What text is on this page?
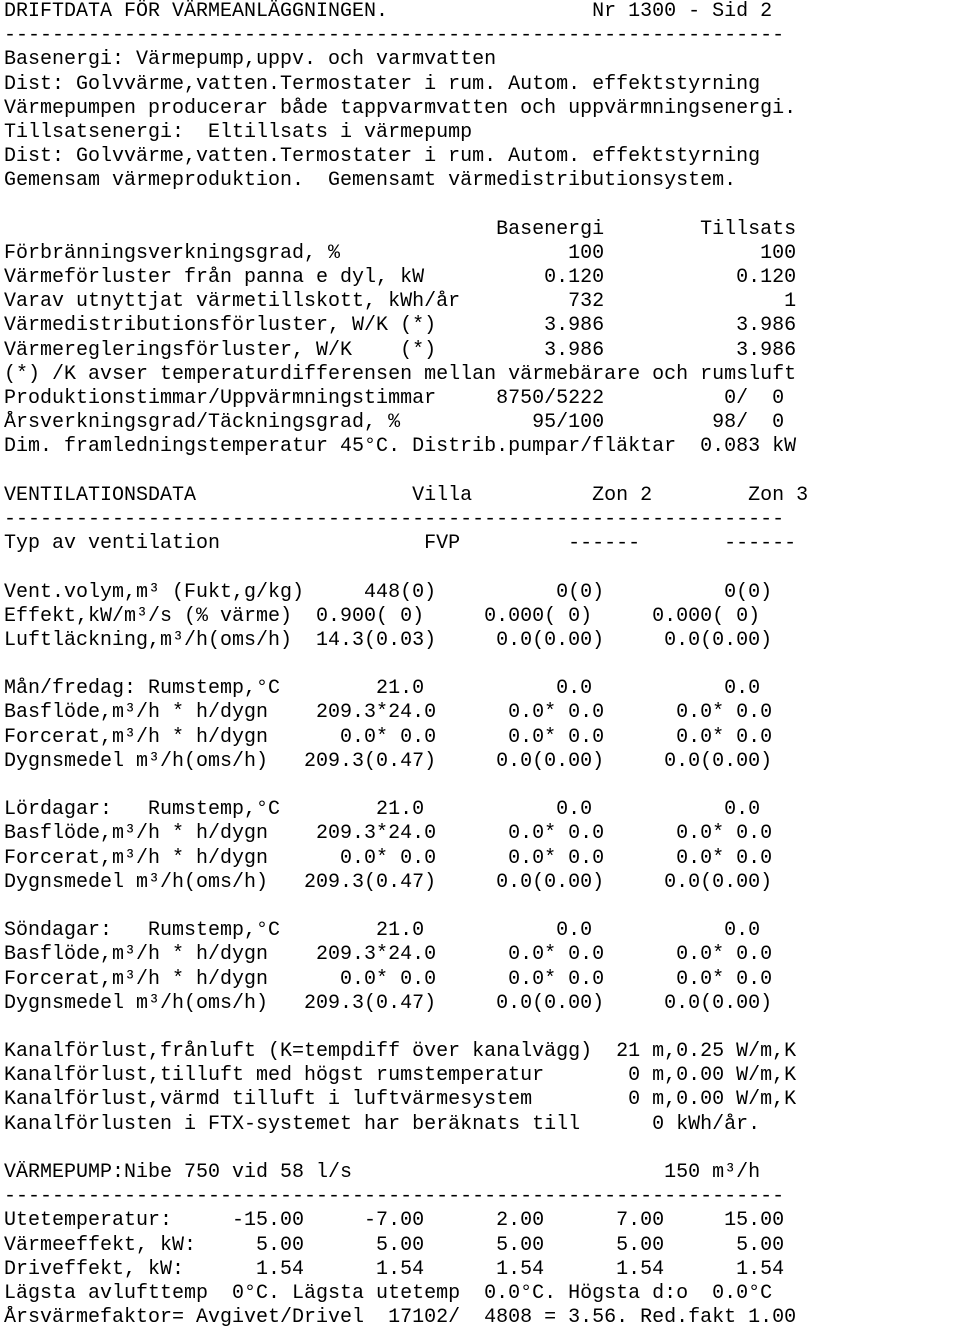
DRIFTDATA FÖR VÄRMEANLÄGGNINGEN.                 Nr 1300 - Sid 2
-----------------------------------------------------------------
Basenergi: Värmepump,uppv. och varmvatten
Dist: Golvvärme,vatten.Termostater i rum. Autom. effektstyrning
Värmepumpen producerar både tappvarmvatten och uppvärmningsenergi.
Tillsatsenergi:  Eltillsats i värmepump
Dist: Golvvärme,vatten.Termostater i rum. Autom. effektstyrning
Gemensam värmeproduktion.  Gemensamt värmedistributionsystem.
Basenergi        Tillsats
Förbränningsverkningsgrad, %                   100             100
Värmeförluster från panna e dyl, kW          0.120           0.120
Varav utnyttjat värmetillskott, kWh/år         732               1
Värmedistributionsförluster, W/K (*)         3.986           3.986
Värmeregleringsförluster, W/K    (*)         3.986           3.986
(*) /K avser temperaturdifferensen mellan värmebärare och rumsluft
Produktionstimmar/Uppvärmningstimmar     8750/5222          0/  0
Årsverkningsgrad/Täckningsgrad, %           95/100         98/  0
Dim. framledningstemperatur 45°C. Distrib.pumpar/fläktar  0.083 kW
VENTILATIONSDATA                  Villa          Zon 2        Zon 3
-----------------------------------------------------------------
Typ av ventilation                 FVP         ------       ------
Vent.volym,m³ (Fukt,g/kg)     448(0)          0(0)          0(0)
Effekt,kW/m³/s (% värme)  0.900( 0)     0.000( 0)     0.000( 0)
Luftläckning,m³/h(oms/h)  14.3(0.03)     0.0(0.00)     0.0(0.00)
Mån/fredag: Rumstemp,°C        21.0           0.0           0.0
Basflöde,m³/h * h/dygn    209.3*24.0      0.0* 0.0      0.0* 0.0
Forcerat,m³/h * h/dygn      0.0* 0.0      0.0* 0.0      0.0* 0.0
Dygnsmedel m³/h(oms/h)   209.3(0.47)     0.0(0.00)     0.0(0.00)
Lördagar:   Rumstemp,°C        21.0           0.0           0.0
Basflöde,m³/h * h/dygn    209.3*24.0      0.0* 0.0      0.0* 0.0
Forcerat,m³/h * h/dygn      0.0* 0.0      0.0* 0.0      0.0* 0.0
Dygnsmedel m³/h(oms/h)   209.3(0.47)     0.0(0.00)     0.0(0.00)
Söndagar:   Rumstemp,°C        21.0           0.0           0.0
Basflöde,m³/h * h/dygn    209.3*24.0      0.0* 0.0      0.0* 0.0
Forcerat,m³/h * h/dygn      0.0* 0.0      0.0* 0.0      0.0* 0.0
Dygnsmedel m³/h(oms/h)   209.3(0.47)     0.0(0.00)     0.0(0.00)
Kanalförlust,frånluft (K=tempdiff över kanalvägg)  21 m,0.25 W/m,K
Kanalförlust,tilluft med högst rumstemperatur       0 m,0.00 W/m,K
Kanalförlust,värmd tilluft i luftvärmesystem        0 m,0.00 W/m,K
Kanalförlusten i FTX-systemet har beräknats till      0 kWh/år.
VÄRMEPUMP:Nibe 750 vid 58 l/s                          150 m³/h
-----------------------------------------------------------------
Utetemperatur:     -15.00     -7.00      2.00      7.00     15.00
Värmeeffekt, kW:     5.00      5.00      5.00      5.00      5.00
Driveffekt, kW:      1.54      1.54      1.54      1.54      1.54
Lägsta avlufttemp  0°C. Lägsta utetemp  0.0°C. Högsta d:o  0.0°C
Årsvärmefaktor= Avgivet/Drivel  17102/  4808 = 3.56. Red.fakt 1.00
